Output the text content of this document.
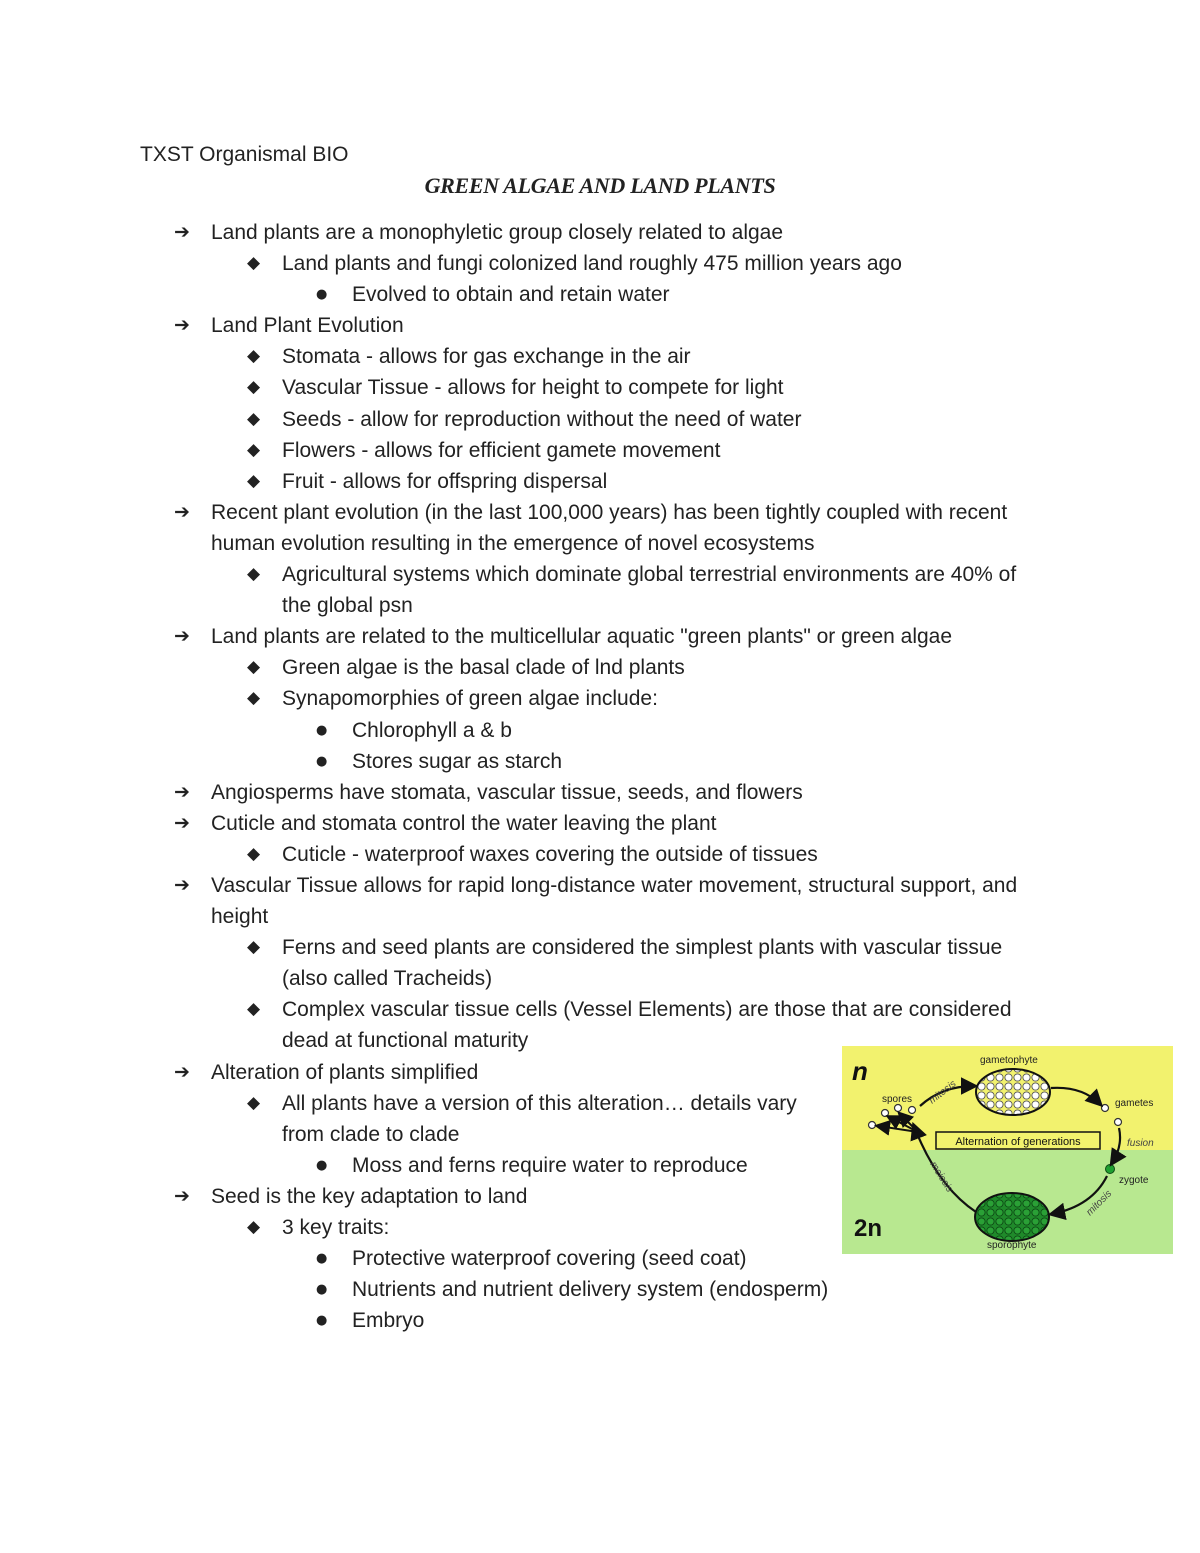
TXST Organismal BIO
GREEN ALGAE AND LAND PLANTS
➔ Land plants are a monophyletic group closely related to algae
◆ Land plants and fungi colonized land roughly 475 million years ago
● Evolved to obtain and retain water
➔ Land Plant Evolution
◆ Stomata - allows for gas exchange in the air
◆ Vascular Tissue - allows for height to compete for light
◆ Seeds - allow for reproduction without the need of water
◆ Flowers - allows for efficient gamete movement
◆ Fruit - allows for offspring dispersal
➔ Recent plant evolution (in the last 100,000 years) has been tightly coupled with recent human evolution resulting in the emergence of novel ecosystems
◆ Agricultural systems which dominate global terrestrial environments are 40% of the global psn
➔ Land plants are related to the multicellular aquatic "green plants" or green algae
◆ Green algae is the basal clade of lnd plants
◆ Synapomorphies of green algae include:
● Chlorophyll a & b
● Stores sugar as starch
➔ Angiosperms have stomata, vascular tissue, seeds, and flowers
➔ Cuticle and stomata control the water leaving the plant
◆ Cuticle - waterproof waxes covering the outside of tissues
➔ Vascular Tissue allows for rapid long-distance water movement, structural support, and height
◆ Ferns and seed plants are considered the simplest plants with vascular tissue (also called Tracheids)
◆ Complex vascular tissue cells (Vessel Elements) are those that are considered dead at functional maturity
➔ Alteration of plants simplified
◆ All plants have a version of this alteration… details vary from clade to clade
● Moss and ferns require water to reproduce
➔ Seed is the key adaptation to land
◆ 3 key traits:
● Protective waterproof covering (seed coat)
● Nutrients and nutrient delivery system (endosperm)
● Embryo
n
2n
gametophyte
sporophyte
spores	gametes
zygote
mitosis
fusion
meiosis
mitosis
Alternation of generations
